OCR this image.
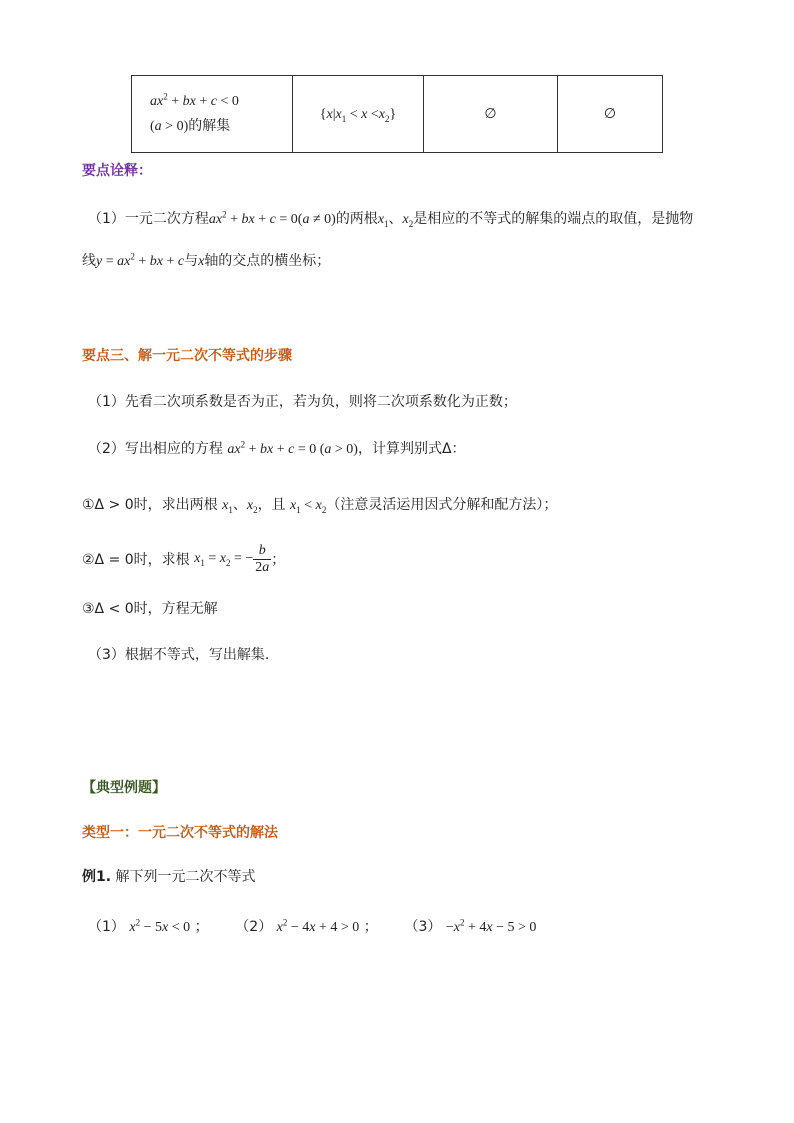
$ax^2$ + bx + c < 0
(a > 0)的解集
	$\{x|x_1 < x <x_2\}$	∅	∅
要点诠释：
（1）一元二次方程$ax^2$ + bx + c = 0(a ≠ 0)的两根$x_1$、$x_2$是相应的不等式的解集的端点的取值，是抛物
线$y = ax^2$ + bx + c与x轴的交点的横坐标；
要点三、解一元二次不等式的步骤
（1）先看二次项系数是否为正，若为负，则将二次项系数化为正数；
（2）写出相应的方程 $ax^2$ + bx + c = 0 (a > 0)，计算判别式Δ：
①Δ > 0时，求出两根 $x_1$、$x_2$，且 $x_1 < x_2$（注意灵活运用因式分解和配方法）；
②Δ = 0时，求根
$x_1 = x_2$ = − $\frac{b}{2a}$ ；
③Δ < 0时，方程无解
（3）根据不等式，写出解集.
【典型例题】
类型一：一元二次不等式的解法
例1. 解下列一元二次不等式
（1） $x^2 - 5x < 0$ ；      （2） $x^2 - 4x + 4 > 0$ ；      $(3) -x^2 + 4x - 5 > 0$
